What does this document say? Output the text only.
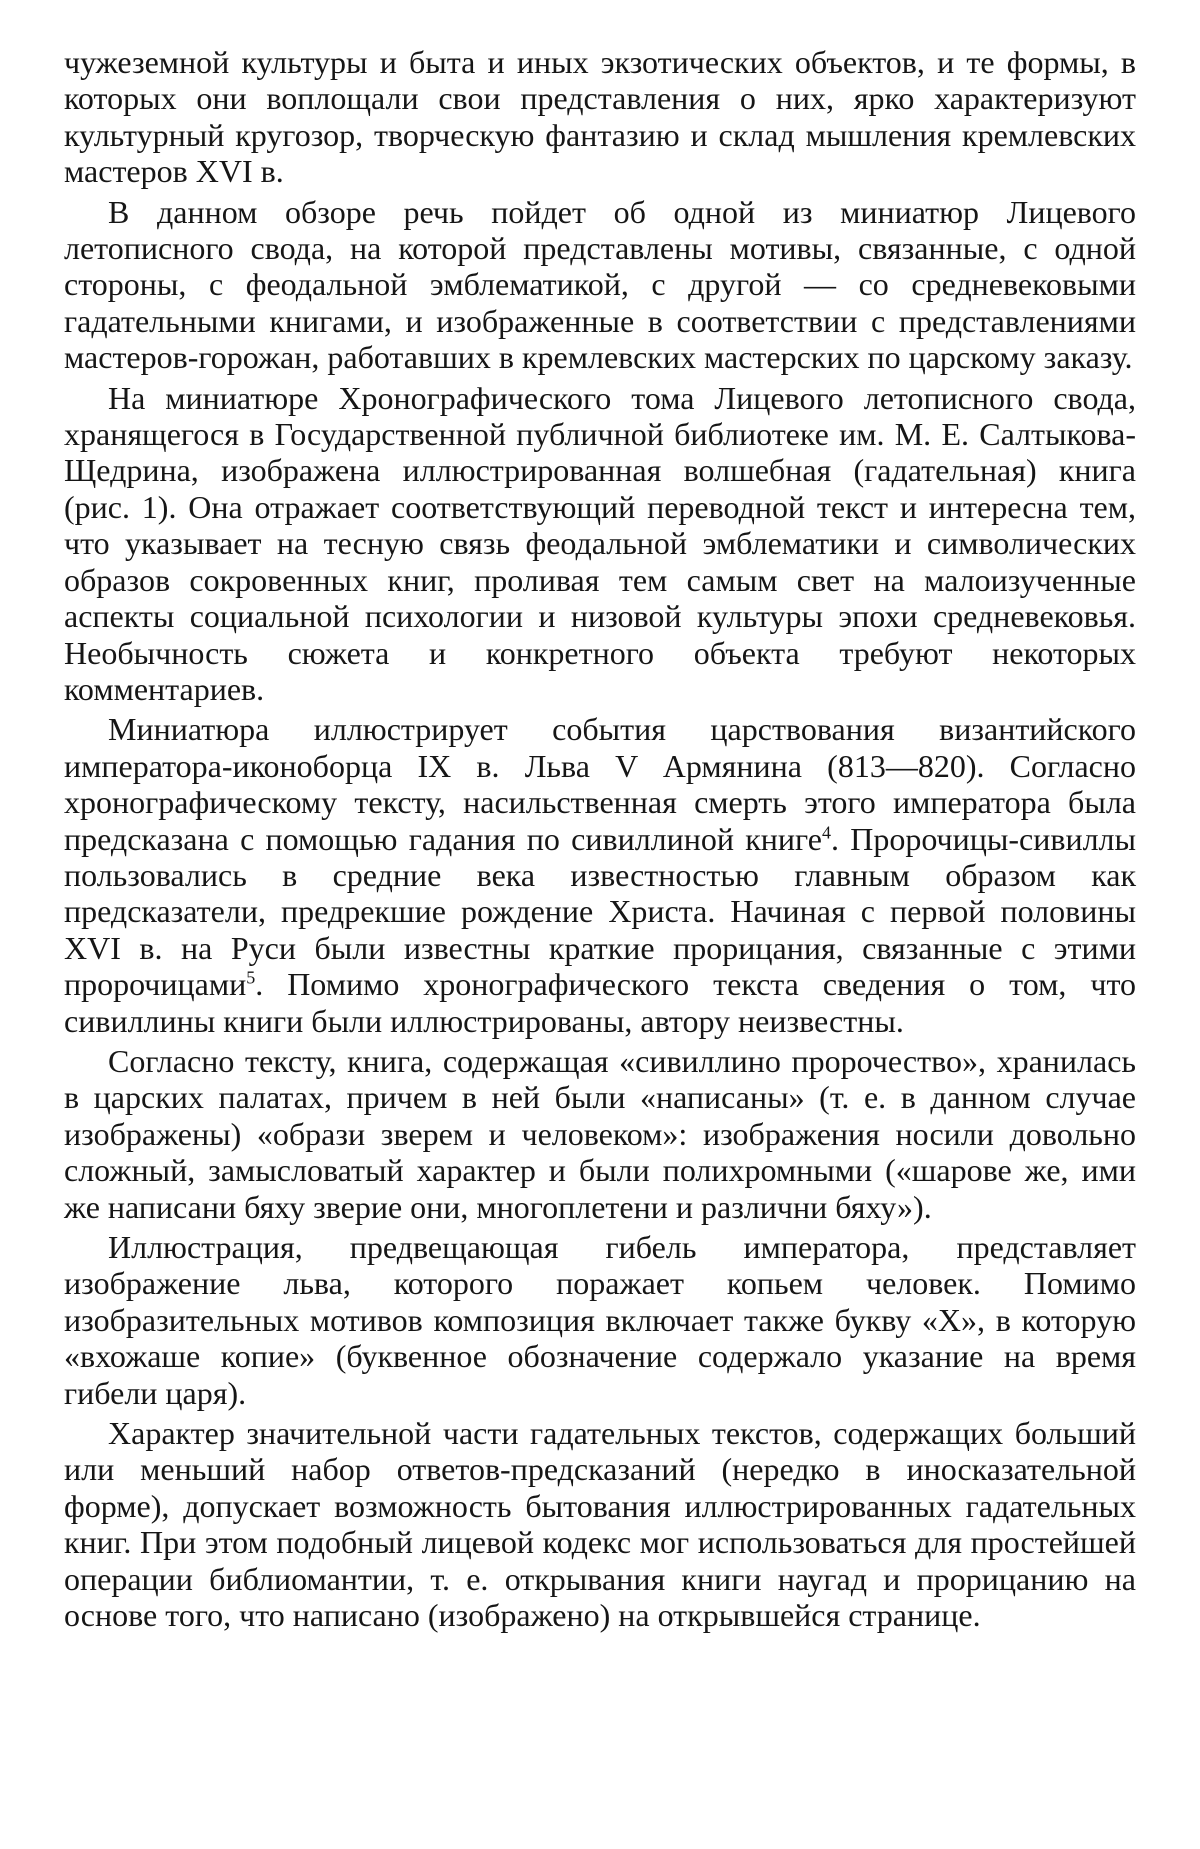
чужеземной культуры и быта и иных экзотических объектов, и те формы, в которых они воплощали свои представления о них, ярко характеризуют культурный кругозор, творческую фантазию и склад мышления кремлевских мастеров XVI в.

В данном обзоре речь пойдет об одной из миниатюр Лицевого летописного свода, на которой представлены мотивы, связанные, с одной стороны, с феодальной эмблематикой, с другой — со средневековыми гадательными книгами, и изображенные в соответствии с представлениями мастеров-горожан, работавших в кремлевских мастерских по царскому заказу.

На миниатюре Хронографического тома Лицевого летописного свода, хранящегося в Государственной публичной библиотеке им. М. Е. Салтыкова-Щедрина, изображена иллюстрированная волшебная (гадательная) книга (рис. 1). Она отражает соответствующий переводной текст и интересна тем, что указывает на тесную связь феодальной эмблематики и символических образов сокровенных книг, проливая тем самым свет на малоизученные аспекты социальной психологии и низовой культуры эпохи средневековья. Необычность сюжета и конкретного объекта требуют некоторых комментариев.

Миниатюра иллюстрирует события царствования византийского императора-иконоборца IX в. Льва V Армянина (813—820). Согласно хронографическому тексту, насильственная смерть этого императора была предсказана с помощью гадания по сивиллиной книге$^4$. Пророчицы-сивиллы пользовались в средние века известностью главным образом как предсказатели, предрекшие рождение Христа. Начиная с первой половины XVI в. на Руси были известны краткие прорицания, связанные с этими пророчицами$^5$. Помимо хронографического текста сведения о том, что сивиллины книги были иллюстрированы, автору неизвестны.

Согласно тексту, книга, содержащая «сивиллино пророчество», хранилась в царских палатах, причем в ней были «написаны» (т. е. в данном случае изображены) «образи зверем и человеком»: изображения носили довольно сложный, замысловатый характер и были полихромными («шарове же, ими же написани бяху зверие они, многоплетени и различни бяху»).

Иллюстрация, предвещающая гибель императора, представляет изображение льва, которого поражает копьем человек. Помимо изобразительных мотивов композиция включает также букву «Х», в которую «вхожаше копие» (буквенное обозначение содержало указание на время гибели царя).

Характер значительной части гадательных текстов, содержащих больший или меньший набор ответов-предсказаний (нередко в иносказательной форме), допускает возможность бытования иллюстрированных гадательных книг. При этом подобный лицевой кодекс мог использоваться для простейшей операции библиомантии, т. е. открывания книги наугад и прорицанию на основе того, что написано (изображено) на открывшейся странице.
